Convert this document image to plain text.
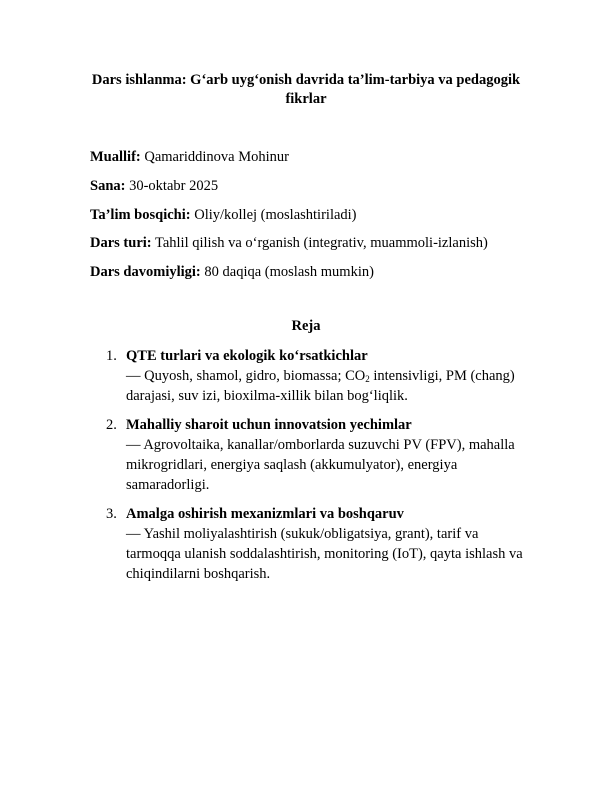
Dars ishlanma: G‘arb uyg‘onish davrida ta’lim-tarbiya va pedagogik fikrlar
Muallif: Qamariddinova Mohinur
Sana: 30-oktabr 2025
Ta’lim bosqichi: Oliy/kollej (moslashtiriladi)
Dars turi: Tahlil qilish va o‘rganish (integrativ, muammoli-izlanish)
Dars davomiyligi: 80 daqiqa (moslash mumkin)
Reja
1. QTE turlari va ekologik ko‘rsatkichlar
— Quyosh, shamol, gidro, biomassa; $CO_2$ intensivligi, PM (chang) darajasi, suv izi, bioxilma-xillik bilan bog‘liqlik.
2. Mahalliy sharoit uchun innovatsion yechimlar
— Agrovoltaika, kanallar/omborlarda suzuvchi PV (FPV), mahalla mikrogridlari, energiya saqlash (akkumulyator), energiya samaradorligi.
3. Amalga oshirish mexanizmlari va boshqaruv
— Yashil moliyalashtirish (sukuk/obligatsiya, grant), tarif va tarmoqqa ulanish soddalashtirish, monitoring (IoT), qayta ishlash va chiqindilarni boshqarish.
